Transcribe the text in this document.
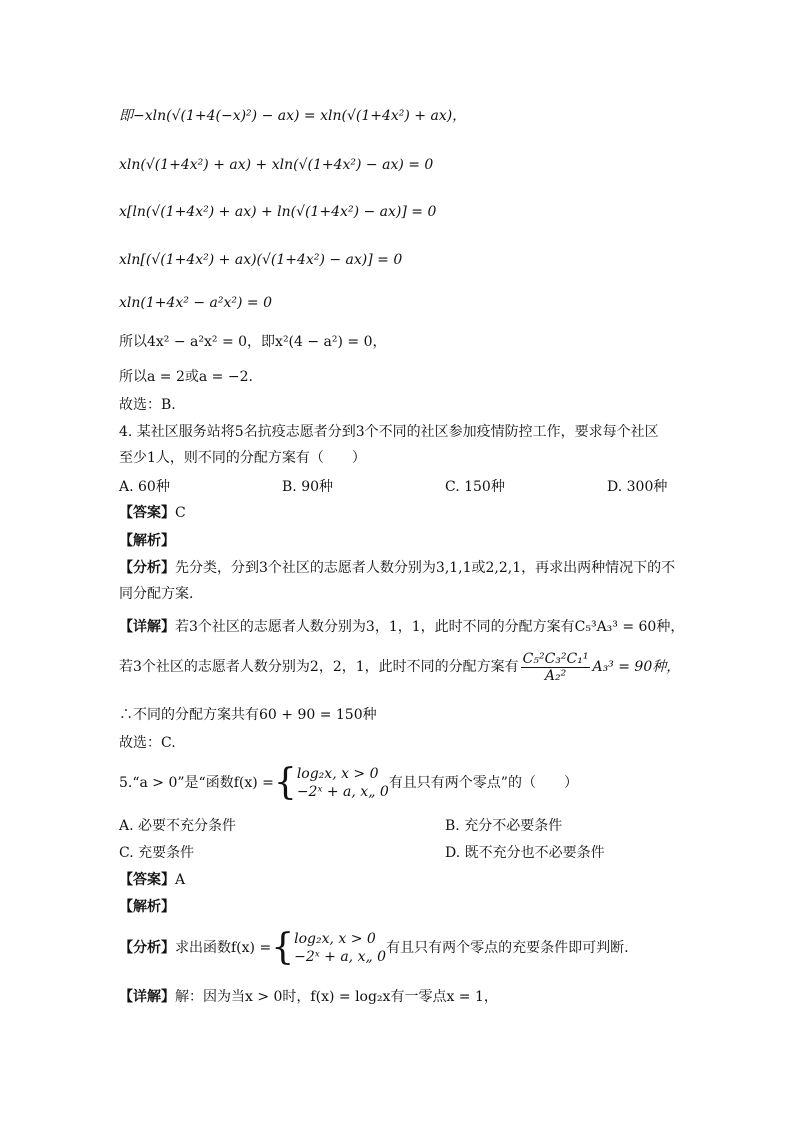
即−xln(√(1+4(−x)²) − ax) = xln(√(1+4x²) + ax)，
xln(√(1+4x²) + ax) + xln(√(1+4x²) − ax) = 0
x[ln(√(1+4x²) + ax) + ln(√(1+4x²) − ax)] = 0
xln[(√(1+4x²) + ax)(√(1+4x²) − ax)] = 0
xln(1+4x² − a²x²) = 0
所以4x² − a²x² = 0，即x²(4 − a²) = 0，
所以a = 2或a = −2．
故选：B.
4. 某社区服务站将5名抗疫志愿者分到3个不同的社区参加疫情防控工作，要求每个社区
至少1人，则不同的分配方案有（　　）
A. 60种	B. 90种	C. 150种	D. 300种
【答案】C
【解析】
【分析】先分类，分到3个社区的志愿者人数分别为3,1,1或2,2,1，再求出两种情况下的不
同分配方案.
【详解】若3个社区的志愿者人数分别为3，1，1，此时不同的分配方案有C₅³A₃³ = 60种，
若3个社区的志愿者人数分别为2，2，1，此时不同的分配方案有 $\frac{\text{C₅²C₃²C₁¹}}{\text{A₂²}} A_3^3 = 90$种，
∴不同的分配方案共有60 + 90 = 150种
故选：C.
5.“a > 0”是“函数f(x) ={ log₂x, x > 0
−2ˣ + a, x„ 0
有且只有两个零点”的（　　）
A. 必要不充分条件	B. 充分不必要条件
C. 充要条件	D. 既不充分也不必要条件
【答案】A
【解析】
【分析】求出函数f(x) ={ log₂x, x > 0
−2ˣ + a, x„ 0
有且只有两个零点的充要条件即可判断.
【详解】解：因为当x > 0时，f(x) = log₂x有一零点x = 1，
